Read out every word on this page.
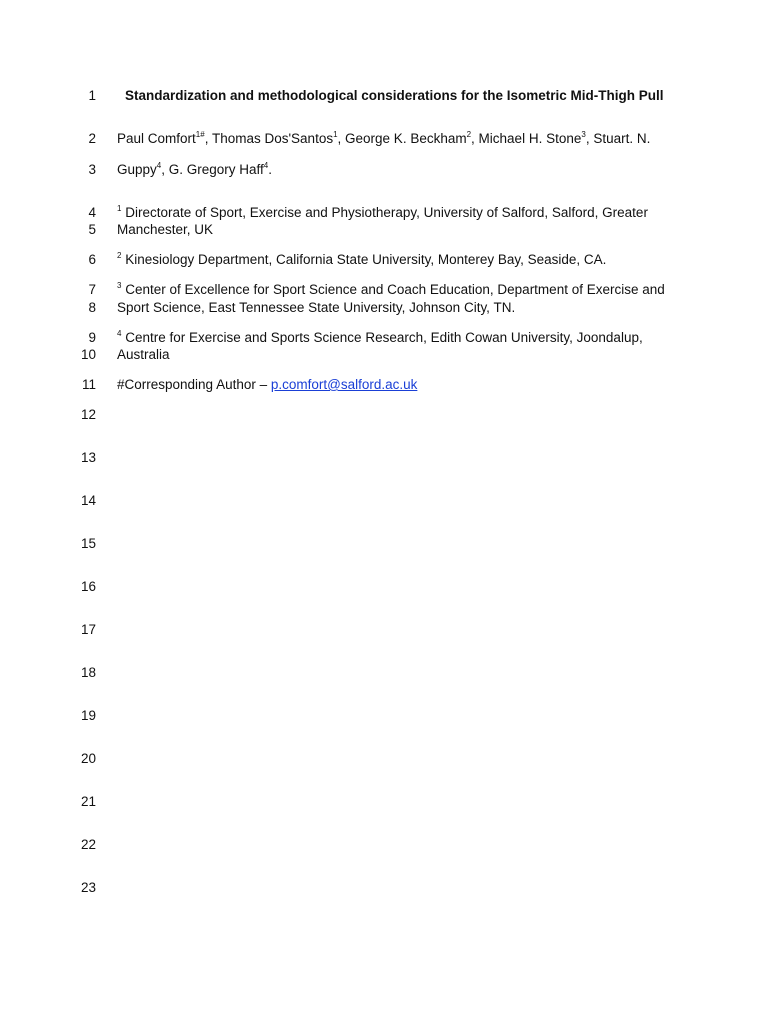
1
2
3
4
5
6
7
8
9
10
11
12
13
14
15
16
17
18
19
20
21
22
23
Standardization and methodological considerations for the Isometric Mid-Thigh Pull
Paul Comfort$^{1\#}$, Thomas Dos'Santos$^1$, George K. Beckham$^2$, Michael H. Stone$^3$, Stuart. N.
Guppy$^4$, G. Gregory Haff$^4$.
$^1$ Directorate of Sport, Exercise and Physiotherapy, University of Salford, Salford, Greater
Manchester, UK
$^2$ Kinesiology Department, California State University, Monterey Bay, Seaside, CA.
$^3$ Center of Excellence for Sport Science and Coach Education, Department of Exercise and
Sport Science, East Tennessee State University, Johnson City, TN.
$^4$ Centre for Exercise and Sports Science Research, Edith Cowan University, Joondalup,
Australia
#Corresponding Author – p.comfort@salford.ac.uk
